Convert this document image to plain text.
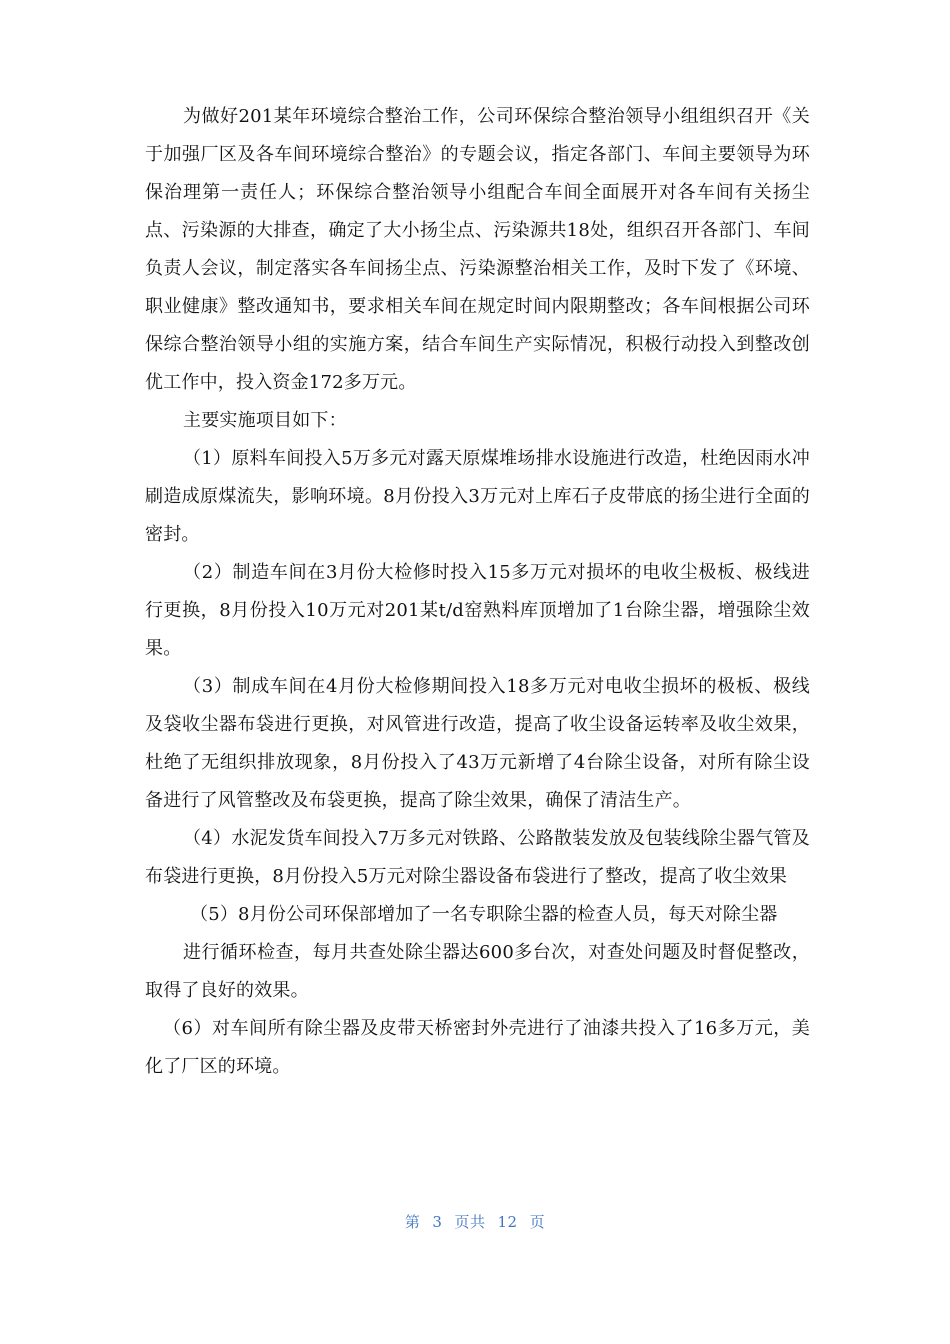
为做好201某年环境综合整治工作，公司环保综合整治领导小组组织召开《关于加强厂区及各车间环境综合整治》的专题会议，指定各部门、车间主要领导为环保治理第一责任人；环保综合整治领导小组配合车间全面展开对各车间有关扬尘点、污染源的大排查，确定了大小扬尘点、污染源共18处，组织召开各部门、车间负责人会议，制定落实各车间扬尘点、污染源整治相关工作，及时下发了《环境、职业健康》整改通知书，要求相关车间在规定时间内限期整改；各车间根据公司环保综合整治领导小组的实施方案，结合车间生产实际情况，积极行动投入到整改创优工作中，投入资金172多万元。

主要实施项目如下：

（1）原料车间投入5万多元对露天原煤堆场排水设施进行改造，杜绝因雨水冲刷造成原煤流失，影响环境。8月份投入3万元对上库石子皮带底的扬尘进行全面的密封。

（2）制造车间在3月份大检修时投入15多万元对损坏的电收尘极板、极线进行更换，8月份投入10万元对201某t/d窑熟料库顶增加了1台除尘器，增强除尘效果。

（3）制成车间在4月份大检修期间投入18多万元对电收尘损坏的极板、极线及袋收尘器布袋进行更换，对风管进行改造，提高了收尘设备运转率及收尘效果，杜绝了无组织排放现象，8月份投入了43万元新增了4台除尘设备，对所有除尘设备进行了风管整改及布袋更换，提高了除尘效果，确保了清洁生产。

（4）水泥发货车间投入7万多元对铁路、公路散装发放及包装线除尘器气管及布袋进行更换，8月份投入5万元对除尘器设备布袋进行了整改，提高了收尘效果

（5）8月份公司环保部增加了一名专职除尘器的检查人员，每天对除尘器

进行循环检查，每月共查处除尘器达600多台次，对查处问题及时督促整改，取得了良好的效果。

（6）对车间所有除尘器及皮带天桥密封外壳进行了油漆共投入了16多万元，美化了厂区的环境。

第 3 页共 12 页
